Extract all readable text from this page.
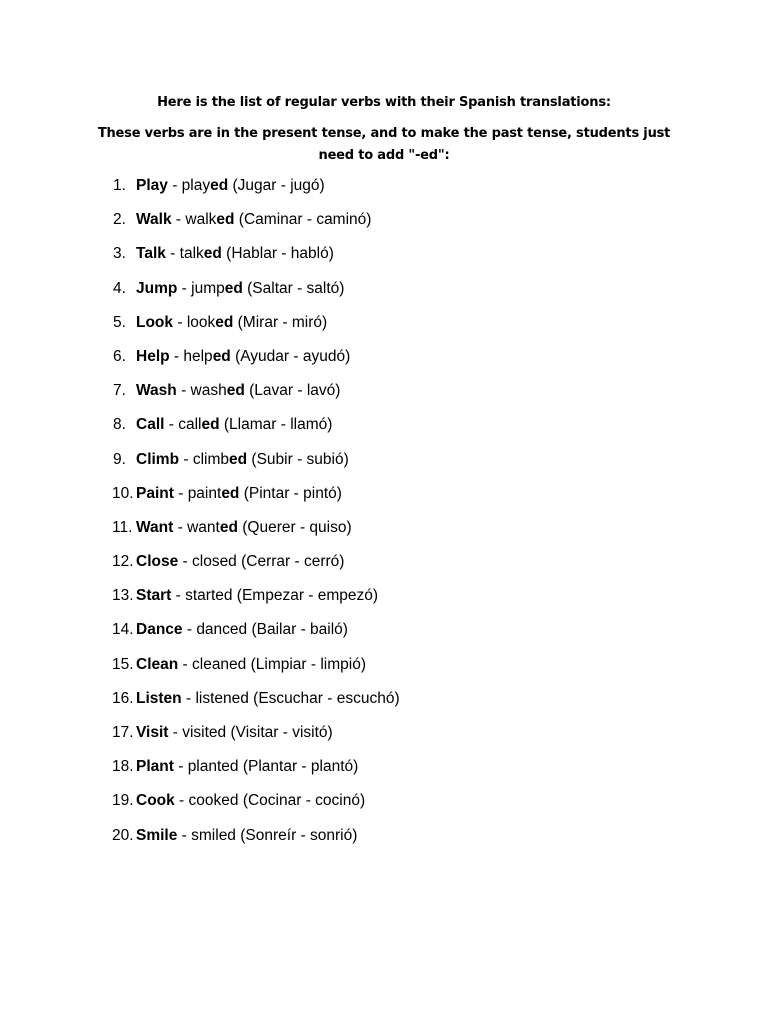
Here is the list of regular verbs with their Spanish translations:
These verbs are in the present tense, and to make the past tense, students just need to add "-ed":
1. Play - played (Jugar - jugó)
2. Walk - walked (Caminar - caminó)
3. Talk - talked (Hablar - habló)
4. Jump - jumped (Saltar - saltó)
5. Look - looked (Mirar - miró)
6. Help - helped (Ayudar - ayudó)
7. Wash - washed (Lavar - lavó)
8. Call - called (Llamar - llamó)
9. Climb - climbed (Subir - subió)
10. Paint - painted (Pintar - pintó)
11. Want - wanted (Querer - quiso)
12. Close - closed (Cerrar - cerró)
13. Start - started (Empezar - empezó)
14. Dance - danced (Bailar - bailó)
15. Clean - cleaned (Limpiar - limpió)
16. Listen - listened (Escuchar - escuchó)
17. Visit - visited (Visitar - visitó)
18. Plant - planted (Plantar - plantó)
19. Cook - cooked (Cocinar - cocinó)
20. Smile - smiled (Sonreír - sonrió)
